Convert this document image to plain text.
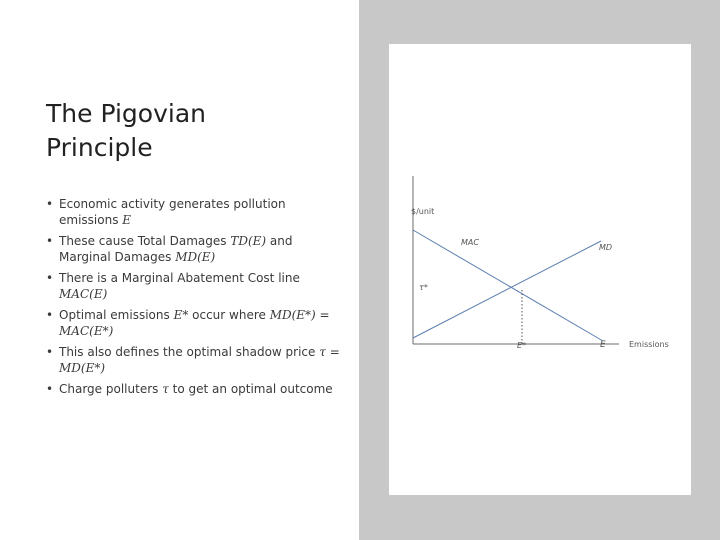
The Pigovian
Principle
• Economic activity generates pollution emissions E
• These cause Total Damages TD(E) and Marginal Damages MD(E)
• There is a Marginal Abatement Cost line MAC(E)
• Optimal emissions E* occur where MD(E*) = MAC(E*)
• This also defines the optimal shadow price τ = MD(E*)
• Charge polluters τ to get an optimal outcome
$/unit
MAC
MD
τ*
E*	E	Emissions
